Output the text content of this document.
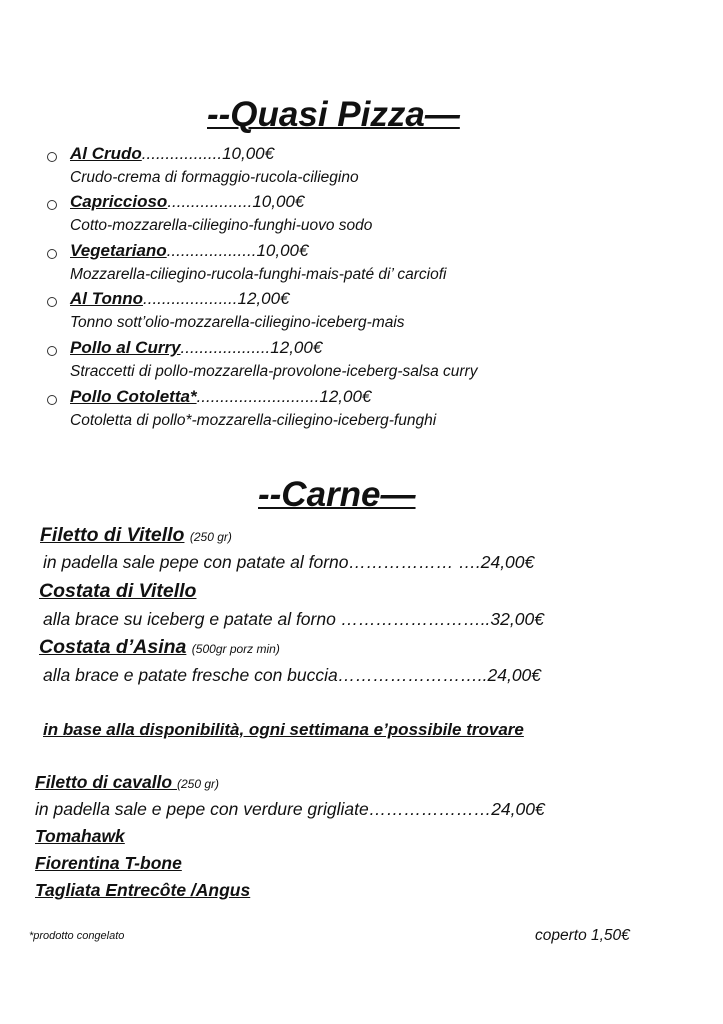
--Quasi Pizza—
Al Crudo.................10,00€
Crudo-crema di formaggio-rucola-ciliegino
Capriccioso..................10,00€
Cotto-mozzarella-ciliegino-funghi-uovo sodo
Vegetariano...................10,00€
Mozzarella-ciliegino-rucola-funghi-mais-paté di’ carciofi
Al Tonno....................12,00€
Tonno sott’olio-mozzarella-ciliegino-iceberg-mais
Pollo al Curry...................12,00€
Straccetti di pollo-mozzarella-provolone-iceberg-salsa curry
Pollo Cotoletta*..........................12,00€
Cotoletta di pollo*-mozzarella-ciliegino-iceberg-funghi
--Carne—
Filetto di Vitello (250 gr)
in padella sale pepe con patate al forno……………… ….24,00€
Costata di Vitello
alla brace su iceberg e patate al forno ……………………..32,00€
Costata d’Asina (500gr porz min)
alla brace e patate fresche con buccia……………………..24,00€
in base alla disponibilità, ogni settimana e’possibile trovare
Filetto di cavallo (250 gr)
in padella sale e pepe con verdure grigliate…………………24,00€
Tomahawk
Fiorentina T-bone
Tagliata Entrecôte /Angus
*prodotto congelato	coperto 1,50€
